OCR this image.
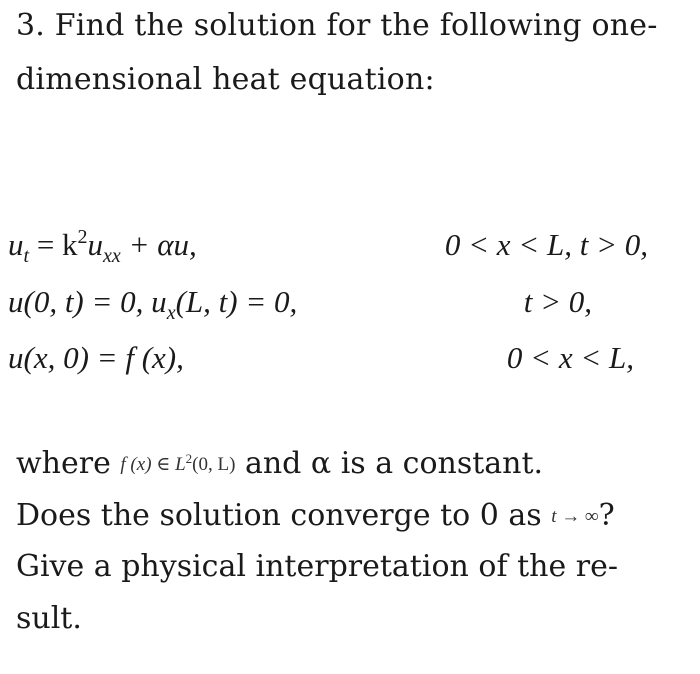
3. Find the solution for the following one-
dimensional heat equation:
$u_t = k^2u_{xx} + \alpha u$,	0 < x < L, t > 0,
u(0, t) = 0, $u_x(L$, t) = 0,	t > 0,
u(x, 0) = f (x),	0 < x < L,
where f (x) ∈ $L^2(0$, L) and α is a constant.
Does the solution converge to 0 as t → ∞?
Give a physical interpretation of the re-
sult.
